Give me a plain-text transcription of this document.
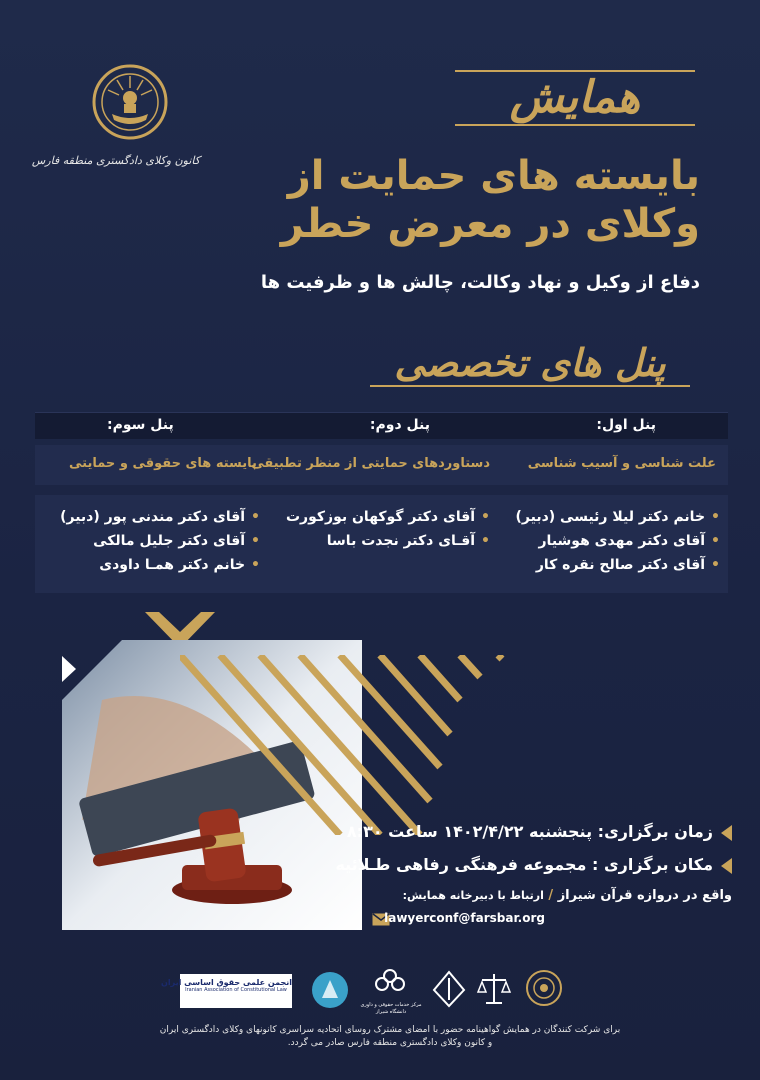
کانون وکلای دادگستری منطقه فارس
همایش
بایسته های حمایت از
وکلای در معرض خطر
دفاع از وکیل و نهاد وکالت، چالش ها و ظرفیت ها
پنل های تخصصی
پنل اول:
پنل دوم:
پنل سوم:
علت شناسی و آسیب شناسی
دستاوردهای حمایتی از منظر تطبیقی
بایسته های حقوقی و حمایتی
•خانم دکتر لیلا رئیسی (دبیر)
•آقای دکتر مهدی هوشیار
•آقای دکتر صالح نقره کار
•آقای دکتر گوکهان بوزکورت
•آقـای دکتر نجدت باسا
•آقای دکتر مندنی پور (دبیر)
•آقای دکتر جلیل مالکی
•خانم دکتر همـا داودی
زمان برگزاری: پنجشنبه ۱۴۰۲/۴/۲۲ ساعت ۸:۳۰
مکان برگزاری : مجموعه فرهنگی رفاهی طـلائیه
واقع در دروازه قرآن شیراز / ارتباط با دبیرخانه همایش:
lawyerconf@farsbar.org
انجمن علمی حقوق اساسی ایران
Iranian Association of Constitutional Law
مرکز خدمات حقوقی و داوری دانشگاه شیراز
برای شرکت کنندگان در همایش گواهینامه حضور با امضای مشترک روسای اتحادیه سراسری کانونهای وکلای دادگستری ایران
و کانون وکلای دادگستری منطقه فارس صادر می گردد.
